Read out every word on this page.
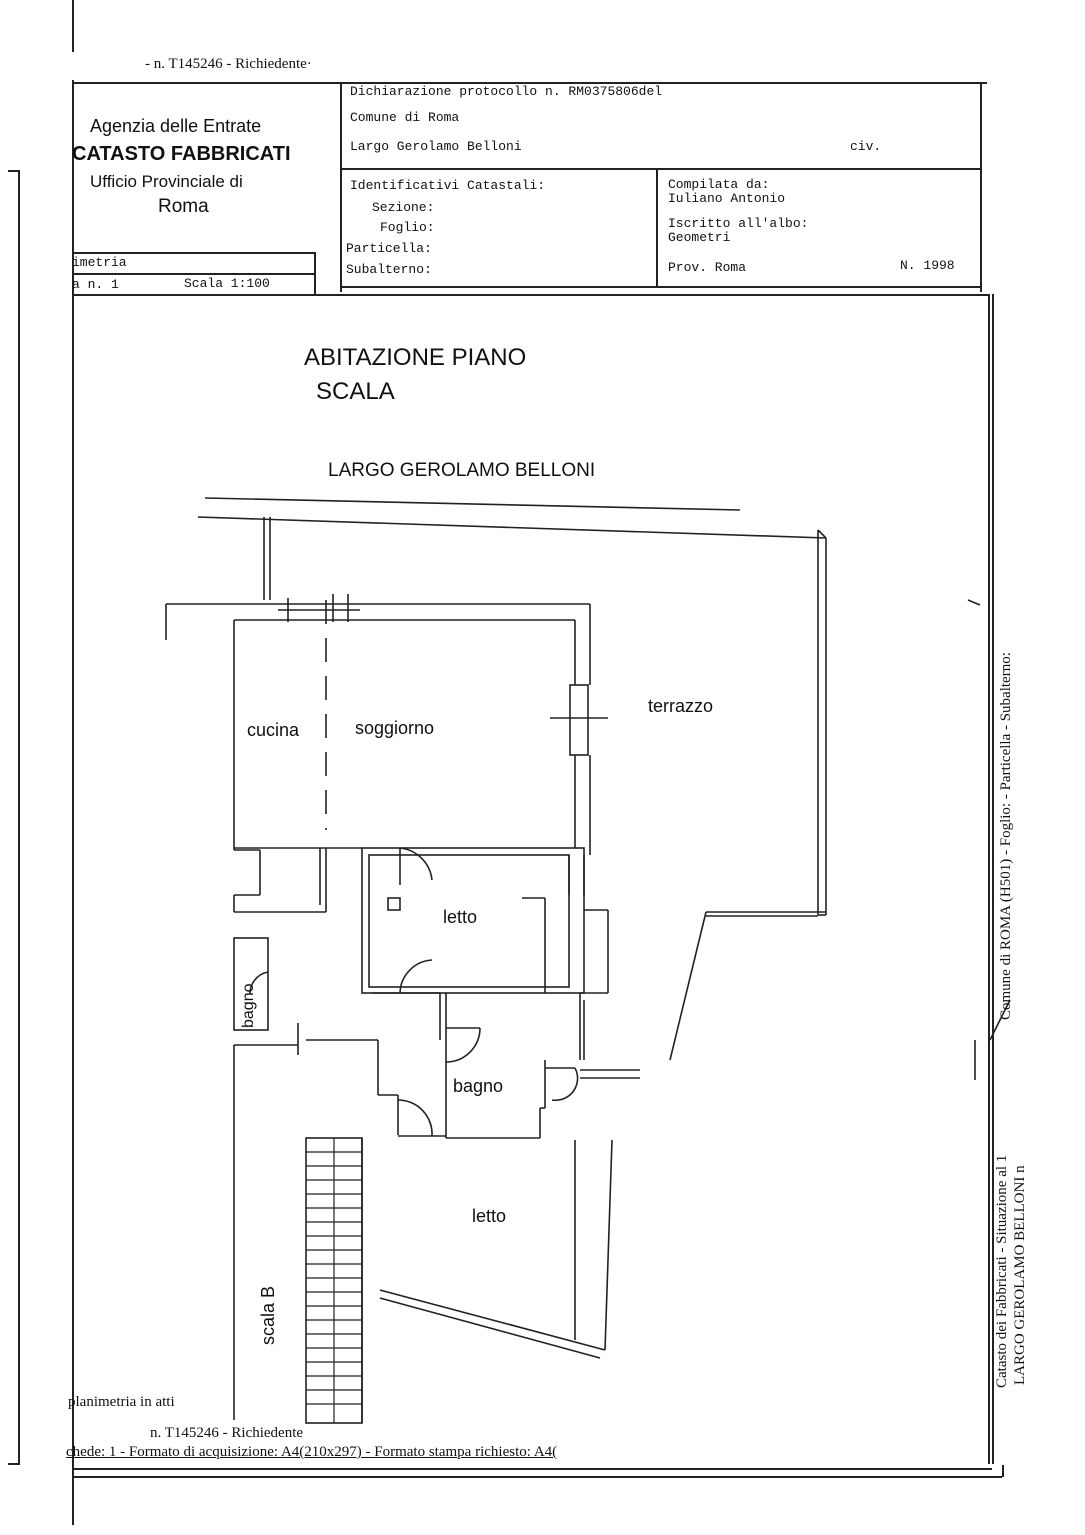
- n. T145246 - Richiedente·
Agenzia delle Entrate
CATASTO FABBRICATI
Ufficio Provinciale di
Roma
Dichiarazione protocollo n. RM0375806del
Comune di Roma
Largo Gerolamo Belloni	civ.
Identificativi Catastali:
Sezione:
Foglio:
Particella:
Subalterno:
Compilata da:
Iuliano Antonio
Iscritto all'albo:
Geometri
Prov. Roma	N. 1998
imetria
a n. 1	Scala 1:100
ABITAZIONE PIANO
SCALA
LARGO GEROLAMO BELLONI
cucina	soggiorno
terrazzo
letto
bagno
letto
bagno
scala B
Comune di ROMA (H501) - Foglio: - Particella - Subalterno:
Catasto dei Fabbricati - Situazione al 1 LARGO GEROLAMO BELLONI n
planimetria in atti
n. T145246 - Richiedente
chede: 1 - Formato di acquisizione: A4(210x297) - Formato stampa richiesto: A4(
